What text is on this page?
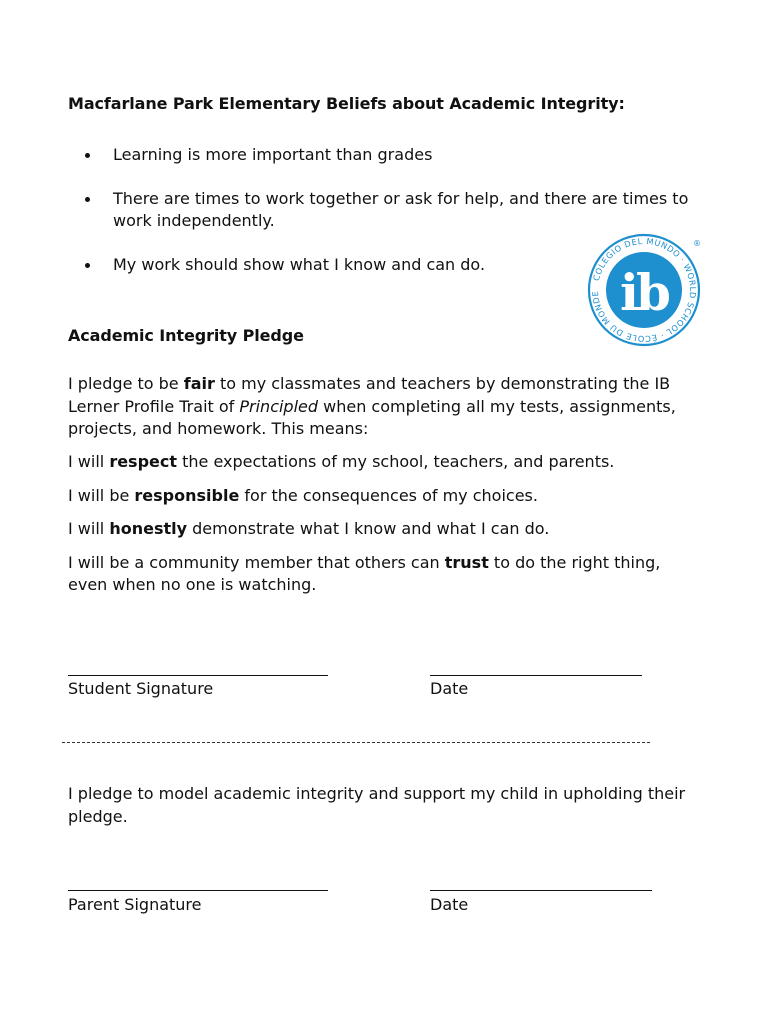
Macfarlane Park Elementary Beliefs about Academic Integrity:
Learning is more important than grades
There are times to work together or ask for help, and there are times to
work independently.
My work should show what I know and can do.
COLEGIO DEL MUNDO · WORLD SCHOOL · ÉCOLE DU MONDE ib
®
Academic Integrity Pledge
I pledge to be fair to my classmates and teachers by demonstrating the IB
Lerner Profile Trait of Principled when completing all my tests, assignments,
projects, and homework. This means:
I will respect the expectations of my school, teachers, and parents.
I will be responsible for the consequences of my choices.
I will honestly demonstrate what I know and what I can do.
I will be a community member that others can trust to do the right thing,
even when no one is watching.
Student Signature	Date
I pledge to model academic integrity and support my child in upholding their
pledge.
Parent Signature	Date
